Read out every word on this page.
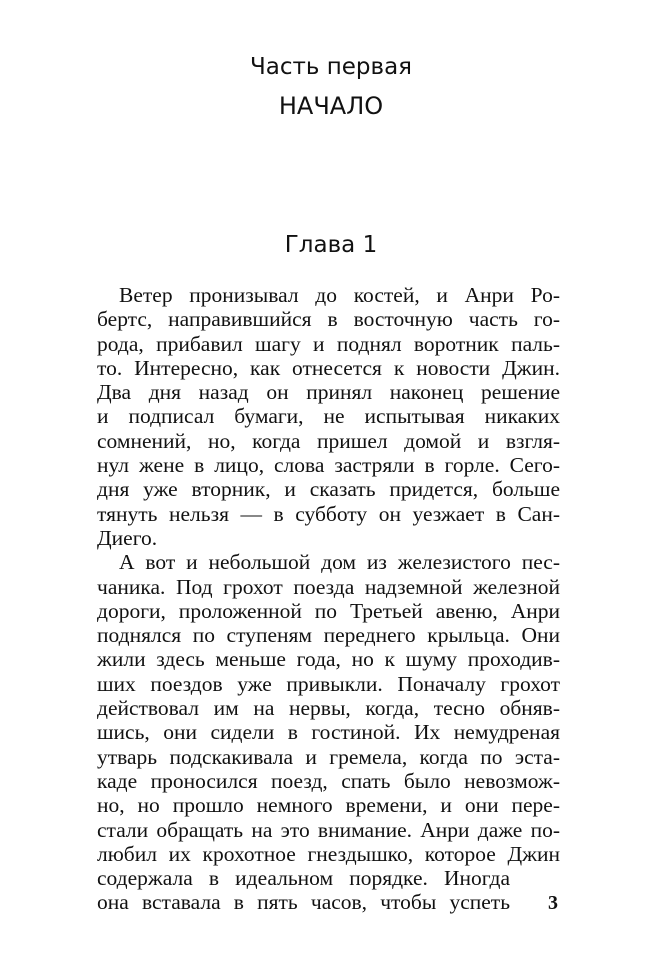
Часть первая
НАЧАЛО
Глава 1
Ветер пронизывал до костей, и Анри Ро-
бертс, направившийся в восточную часть го-
рода, прибавил шагу и поднял воротник паль-
то. Интересно, как отнесется к новости Джин.
Два дня назад он принял наконец решение
и подписал бумаги, не испытывая никаких
сомнений, но, когда пришел домой и взгля-
нул жене в лицо, слова застряли в горле. Сего-
дня уже вторник, и сказать придется, больше
тянуть нельзя — в субботу он уезжает в Сан-
Диего.
А вот и небольшой дом из железистого пес-
чаника. Под грохот поезда надземной железной
дороги, проложенной по Третьей авеню, Анри
поднялся по ступеням переднего крыльца. Они
жили здесь меньше года, но к шуму проходив-
ших поездов уже привыкли. Поначалу грохот
действовал им на нервы, когда, тесно обняв-
шись, они сидели в гостиной. Их немудреная
утварь подскакивала и гремела, когда по эста-
каде проносился поезд, спать было невозмож-
но, но прошло немного времени, и они пере-
стали обращать на это внимание. Анри даже по-
любил их крохотное гнездышко, которое Джин
содержала в идеальном порядке. Иногда
она вставала в пять часов, чтобы успеть 3
